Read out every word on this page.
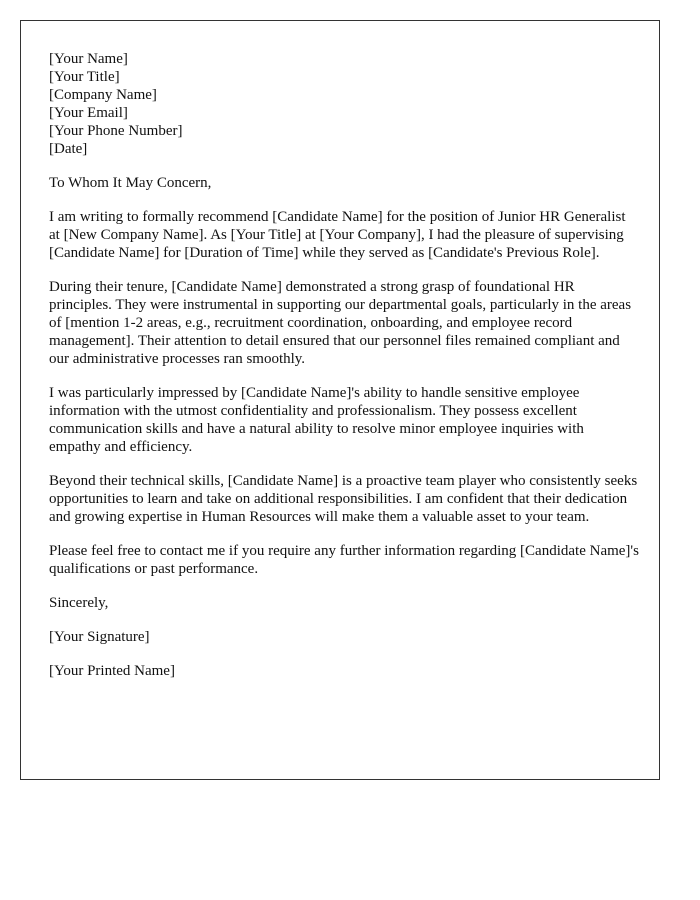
[Your Name]
[Your Title]
[Company Name]
[Your Email]
[Your Phone Number]
[Date]

To Whom It May Concern,

I am writing to formally recommend [Candidate Name] for the position of Junior HR Generalist at [New Company Name]. As [Your Title] at [Your Company], I had the pleasure of supervising [Candidate Name] for [Duration of Time] while they served as [Candidate's Previous Role].

During their tenure, [Candidate Name] demonstrated a strong grasp of foundational HR principles. They were instrumental in supporting our departmental goals, particularly in the areas of [mention 1-2 areas, e.g., recruitment coordination, onboarding, and employee record management]. Their attention to detail ensured that our personnel files remained compliant and our administrative processes ran smoothly.

I was particularly impressed by [Candidate Name]'s ability to handle sensitive employee information with the utmost confidentiality and professionalism. They possess excellent communication skills and have a natural ability to resolve minor employee inquiries with empathy and efficiency.

Beyond their technical skills, [Candidate Name] is a proactive team player who consistently seeks opportunities to learn and take on additional responsibilities. I am confident that their dedication and growing expertise in Human Resources will make them a valuable asset to your team.

Please feel free to contact me if you require any further information regarding [Candidate Name]'s qualifications or past performance.

Sincerely,

[Your Signature]

[Your Printed Name]
